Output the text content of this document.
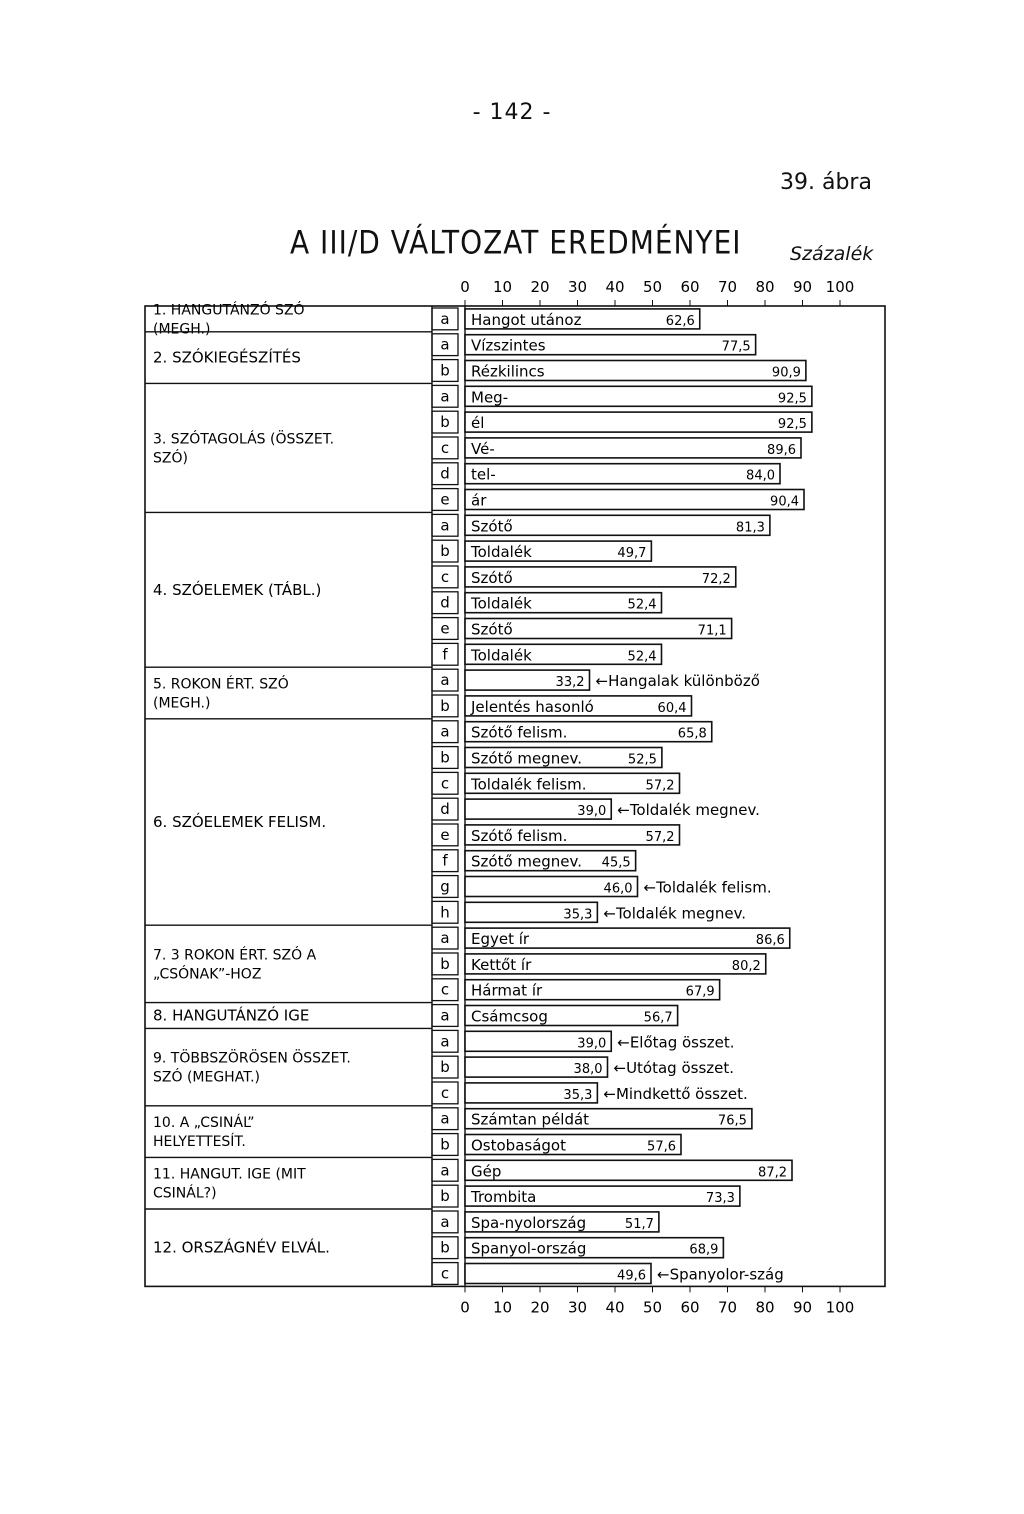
- 142 -
39. ábra
A III/D VÁLTOZAT EREDMÉNYEI	Százalék
0
0
10
10
20
20
30
30
40
40
50
50
60
60
70
70
80
80
90
90
100
100
1. HANGUTÁNZÓ SZÓ
(MEGH.)
a Hangot utánoz	62,6
2. SZÓKIEGÉSZÍTÉS
a Vízszintes	77,5
b Rézkilincs	90,9
3. SZÓTAGOLÁS (ÖSSZET.
SZÓ)
a Meg-	92,5
b él	92,5
c Vé-	89,6
d tel-	84,0
e ár	90,4
4. SZÓELEMEK (TÁBL.)
a Szótő	81,3
b Toldalék	49,7
c Szótő	72,2
d Toldalék	52,4
e Szótő	71,1
f Toldalék	52,4
5. ROKON ÉRT. SZÓ
(MEGH.)
a	33,2 ←Hangalak különböző
b Jelentés hasonló	60,4
6. SZÓELEMEK FELISM.
a Szótő felism.	65,8
b Szótő megnev.	52,5
c Toldalék felism.	57,2
d	39,0 ←Toldalék megnev.
e Szótő felism.	57,2
f Szótő megnev. 45,5
g	46,0 ←Toldalék felism.
h	35,3 ←Toldalék megnev.
7. 3 ROKON ÉRT. SZÓ A
„CSÓNAK”-HOZ
a Egyet ír	86,6
b Kettőt ír	80,2
c Hármat ír	67,9
8. HANGUTÁNZÓ IGE	a Csámcsog	56,7
9. TÖBBSZÖRÖSEN ÖSSZET.
SZÓ (MEGHAT.)
a	39,0 ←Előtag összet.
b	38,0 ←Utótag összet.
c	35,3 ←Mindkettő összet.
10. A „CSINÁL”
HELYETTESÍT.
a Számtan példát	76,5
b Ostobaságot	57,6
11. HANGUT. IGE (MIT
CSINÁL?)
a Gép	87,2
b Trombita	73,3
12. ORSZÁGNÉV ELVÁL.
a Spa-nyolország	51,7
b Spanyol-ország	68,9
c	49,6 ←Spanyolor-szág
